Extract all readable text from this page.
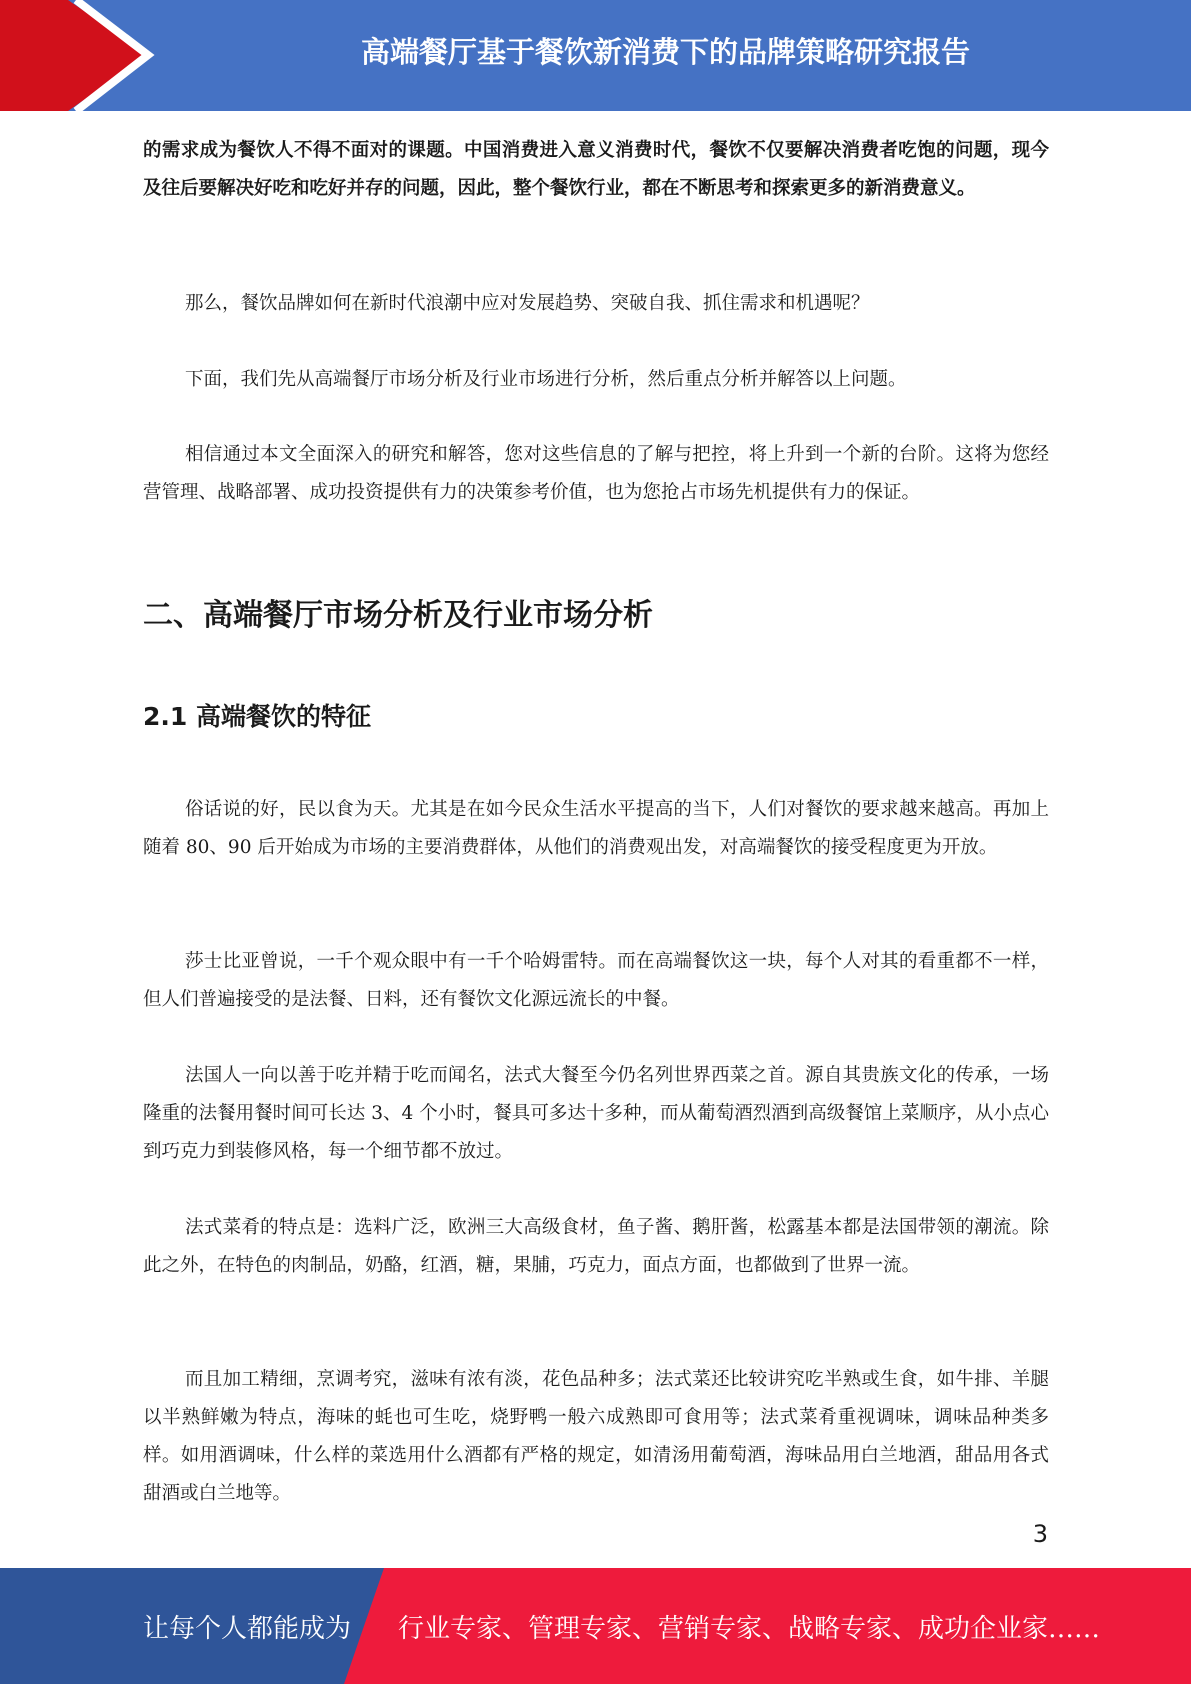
高端餐厅基于餐饮新消费下的品牌策略研究报告

的需求成为餐饮人不得不面对的课题。中国消费进入意义消费时代，餐饮不仅要解决消费者吃饱的问题，现今及往后要解决好吃和吃好并存的问题，因此，整个餐饮行业，都在不断思考和探索更多的新消费意义。

那么，餐饮品牌如何在新时代浪潮中应对发展趋势、突破自我、抓住需求和机遇呢？

下面，我们先从高端餐厅市场分析及行业市场进行分析，然后重点分析并解答以上问题。

相信通过本文全面深入的研究和解答，您对这些信息的了解与把控，将上升到一个新的台阶。这将为您经营管理、战略部署、成功投资提供有力的决策参考价值，也为您抢占市场先机提供有力的保证。

二、高端餐厅市场分析及行业市场分析
2.1 高端餐饮的特征

俗话说的好，民以食为天。尤其是在如今民众生活水平提高的当下，人们对餐饮的要求越来越高。再加上随着 80、90 后开始成为市场的主要消费群体，从他们的消费观出发，对高端餐饮的接受程度更为开放。

莎士比亚曾说，一千个观众眼中有一千个哈姆雷特。而在高端餐饮这一块，每个人对其的看重都不一样，但人们普遍接受的是法餐、日料，还有餐饮文化源远流长的中餐。

法国人一向以善于吃并精于吃而闻名，法式大餐至今仍名列世界西菜之首。源自其贵族文化的传承，一场隆重的法餐用餐时间可长达 3、4 个小时，餐具可多达十多种，而从葡萄酒烈酒到高级餐馆上菜顺序，从小点心到巧克力到装修风格，每一个细节都不放过。

法式菜肴的特点是：选料广泛，欧洲三大高级食材，鱼子酱、鹅肝酱，松露基本都是法国带领的潮流。除此之外，在特色的肉制品，奶酪，红酒，糖，果脯，巧克力，面点方面，也都做到了世界一流。

而且加工精细，烹调考究，滋味有浓有淡，花色品种多；法式菜还比较讲究吃半熟或生食，如牛排、羊腿以半熟鲜嫩为特点，海味的蚝也可生吃，烧野鸭一般六成熟即可食用等；法式菜肴重视调味，调味品种类多样。如用酒调味，什么样的菜选用什么酒都有严格的规定，如清汤用葡萄酒，海味品用白兰地酒，甜品用各式甜酒或白兰地等。

3
让每个人都能成为 行业专家、管理专家、营销专家、战略专家、成功企业家……
